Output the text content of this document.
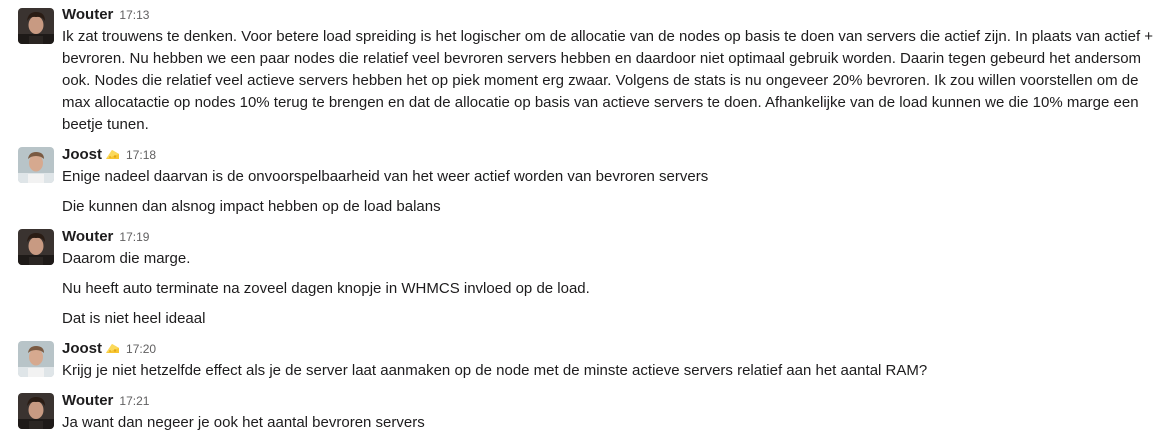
Wouter 17:13
Ik zat trouwens te denken. Voor betere load spreiding is het logischer om de allocatie van de nodes op basis te doen van servers die actief zijn. In plaats van actief + bevroren. Nu hebben we een paar nodes die relatief veel bevroren servers hebben en daardoor niet optimaal gebruik worden. Daarin tegen gebeurd het andersom ook. Nodes die relatief veel actieve servers hebben het op piek moment erg zwaar. Volgens de stats is nu ongeveer 20% bevroren. Ik zou willen voorstellen om de max allocatactie op nodes 10% terug te brengen en dat de allocatie op basis van actieve servers te doen. Afhankelijke van de load kunnen we die 10% marge een beetje tunen.
Joost 17:18
Enige nadeel daarvan is de onvoorspelbaarheid van het weer actief worden van bevroren servers
Die kunnen dan alsnog impact hebben op de load balans
Wouter 17:19
Daarom die marge.
Nu heeft auto terminate na zoveel dagen knopje in WHMCS invloed op de load.
Dat is niet heel ideaal
Joost 17:20
Krijg je niet hetzelfde effect als je de server laat aanmaken op de node met de minste actieve servers relatief aan het aantal RAM?
Wouter 17:21
Ja want dan negeer je ook het aantal bevroren servers
